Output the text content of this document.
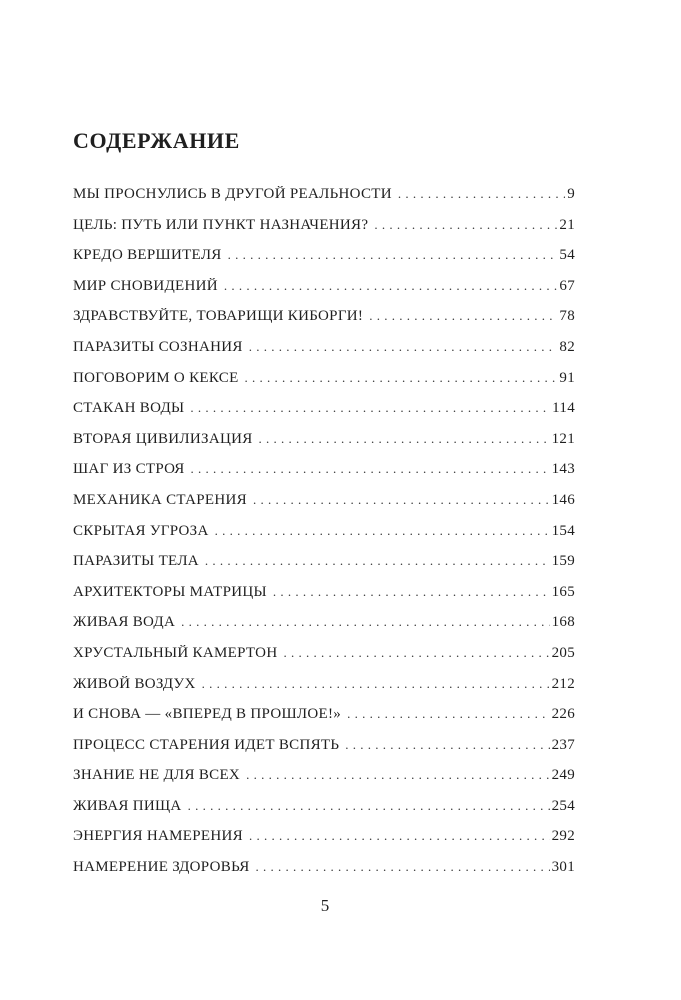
СОДЕРЖАНИЕ
МЫ ПРОСНУЛИСЬ В ДРУГОЙ РЕАЛЬНОСТИ . . .	9
ЦЕЛЬ: ПУТЬ ИЛИ ПУНКТ НАЗНАЧЕНИЯ? . . .	21
КРЕДО ВЕРШИТЕЛЯ . . .	54
МИР СНОВИДЕНИЙ . . .	67
ЗДРАВСТВУЙТЕ, ТОВАРИЩИ КИБОРГИ! . . .	78
ПАРАЗИТЫ СОЗНАНИЯ . . .	82
ПОГОВОРИМ О КЕКСЕ . . .	91
СТАКАН ВОДЫ . . .	114
ВТОРАЯ ЦИВИЛИЗАЦИЯ . . .	121
ШАГ ИЗ СТРОЯ . . .	143
МЕХАНИКА СТАРЕНИЯ . . .	146
СКРЫТАЯ УГРОЗА . . .	154
ПАРАЗИТЫ ТЕЛА . . .	159
АРХИТЕКТОРЫ МАТРИЦЫ . . .	165
ЖИВАЯ ВОДА . . .	168
ХРУСТАЛЬНЫЙ КАМЕРТОН . . .	205
ЖИВОЙ ВОЗДУХ . . .	212
И СНОВА — «ВПЕРЕД В ПРОШЛОЕ!» . . .	226
ПРОЦЕСС СТАРЕНИЯ ИДЕТ ВСПЯТЬ . . .	237
ЗНАНИЕ НЕ ДЛЯ ВСЕХ . . .	249
ЖИВАЯ ПИЩА . . .	254
ЭНЕРГИЯ НАМЕРЕНИЯ . . .	292
НАМЕРЕНИЕ ЗДОРОВЬЯ . . .	301
5
